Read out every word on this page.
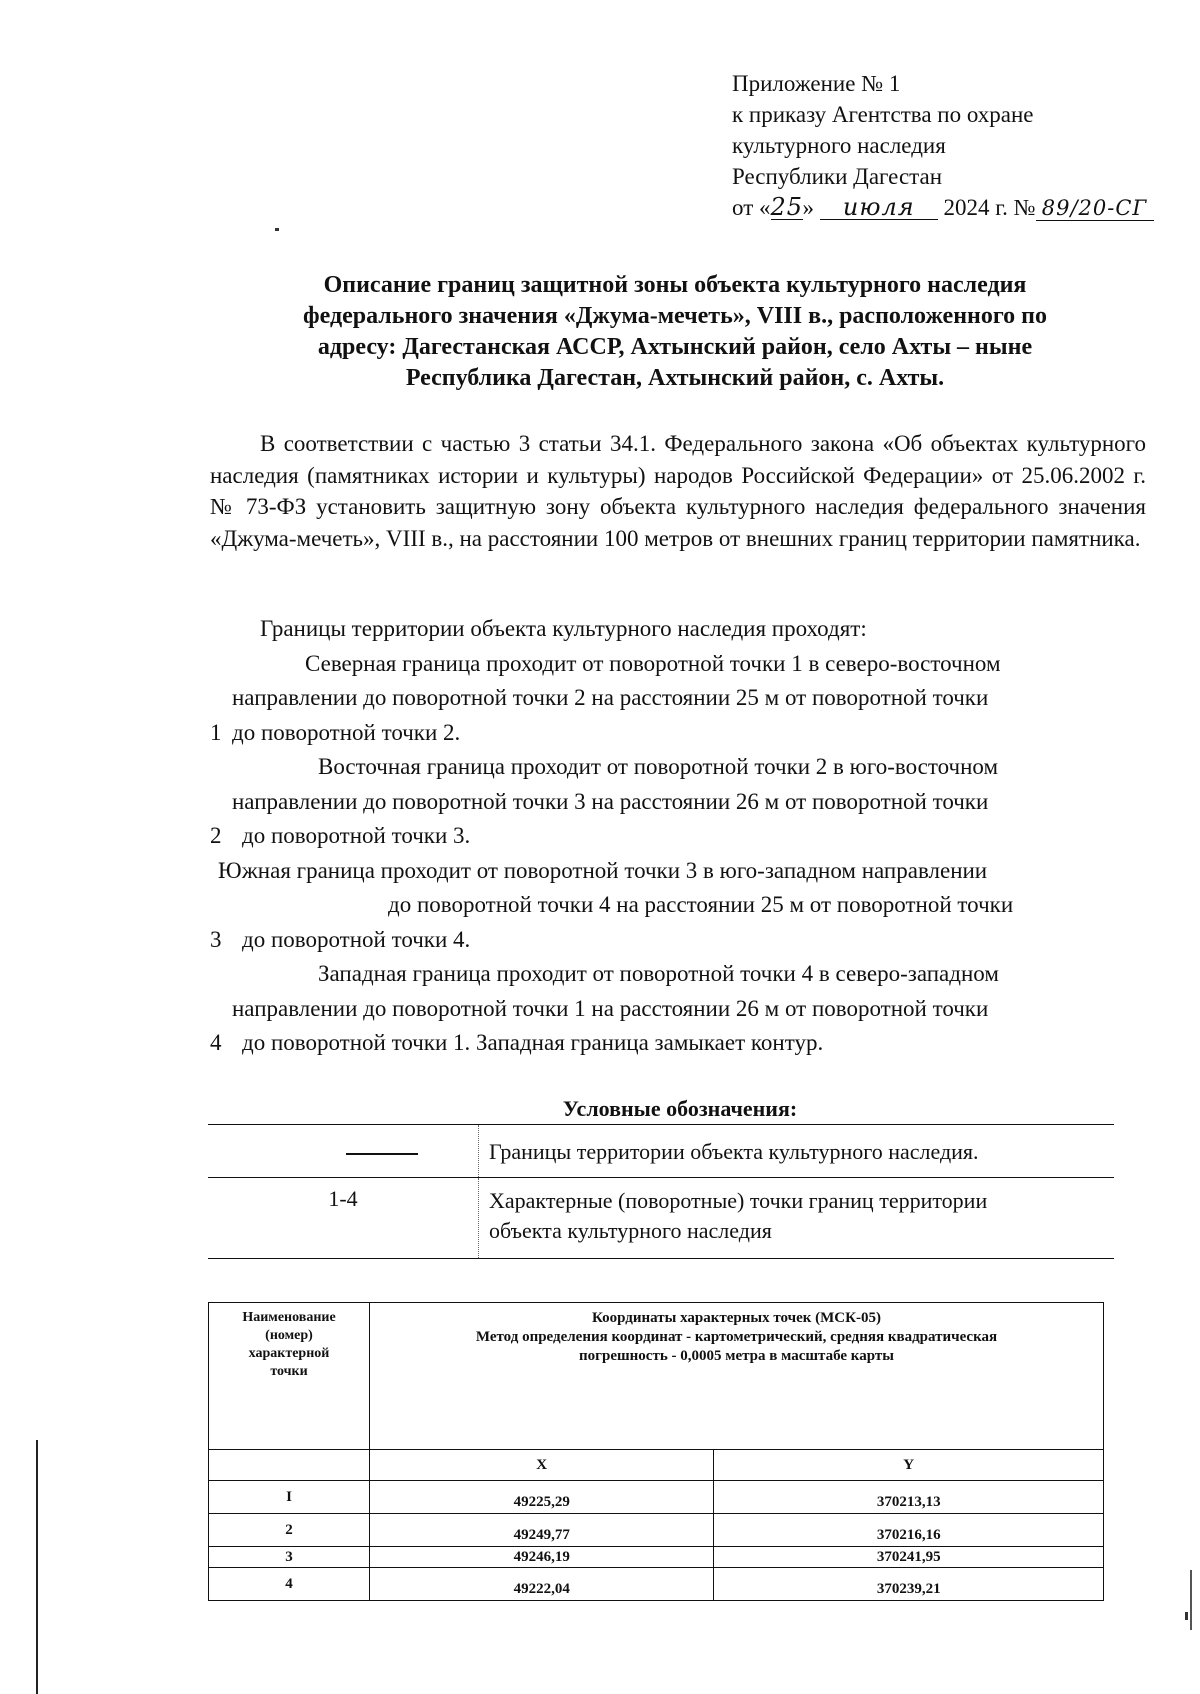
Приложение № 1
к приказу Агентства по охране
культурного наследия
Республики Дагестан
от «25» июля 2024 г. № 89/20-СГ
Описание границ защитной зоны объекта культурного наследия
федерального значения «Джума-мечеть», VIII в., расположенного по
адресу: Дагестанская АССР, Ахтынский район, село Ахты – ныне
Республика Дагестан, Ахтынский район, с. Ахты.
В соответствии с частью 3 статьи 34.1. Федерального закона «Об объектах культурного наследия (памятниках истории и культуры) народов Российской Федерации» от 25.06.2002 г. № 73-ФЗ установить защитную зону объекта культурного наследия федерального значения «Джума-мечеть», VIII в., на расстоянии 100 метров от внешних границ территории памятника.
Границы территории объекта культурного наследия проходят:
Северная граница проходит от поворотной точки 1 в северо-восточном
направлении до поворотной точки 2 на расстоянии 25 м от поворотной точки
1 до поворотной точки 2.
Восточная граница проходит от поворотной точки 2 в юго-восточном
направлении до поворотной точки 3 на расстоянии 26 м от поворотной точки
2 до поворотной точки 3.
Южная граница проходит от поворотной точки 3 в юго-западном направлении
до поворотной точки 4 на расстоянии 25 м от поворотной точки
3 до поворотной точки 4.
Западная граница проходит от поворотной точки 4 в северо-западном
направлении до поворотной точки 1 на расстоянии 26 м от поворотной точки
4 до поворотной точки 1. Западная граница замыкает контур.
Условные обозначения:

	Границы территории объекта культурного наследия.

1-4	Характерные (поворотные) точки границ территории объекта культурного наследия
Наименование (номер) характерной точки	Координаты характерных точек (МСК-05)
Метод определения координат - картометрический, средняя квадратическая
погрешность - 0,0005 метра в масштабе карты	

	X	Y
I	49225,29	370213,13
2	49249,77	370216,16
3	49246,19	370241,95
4	49222,04	370239,21
